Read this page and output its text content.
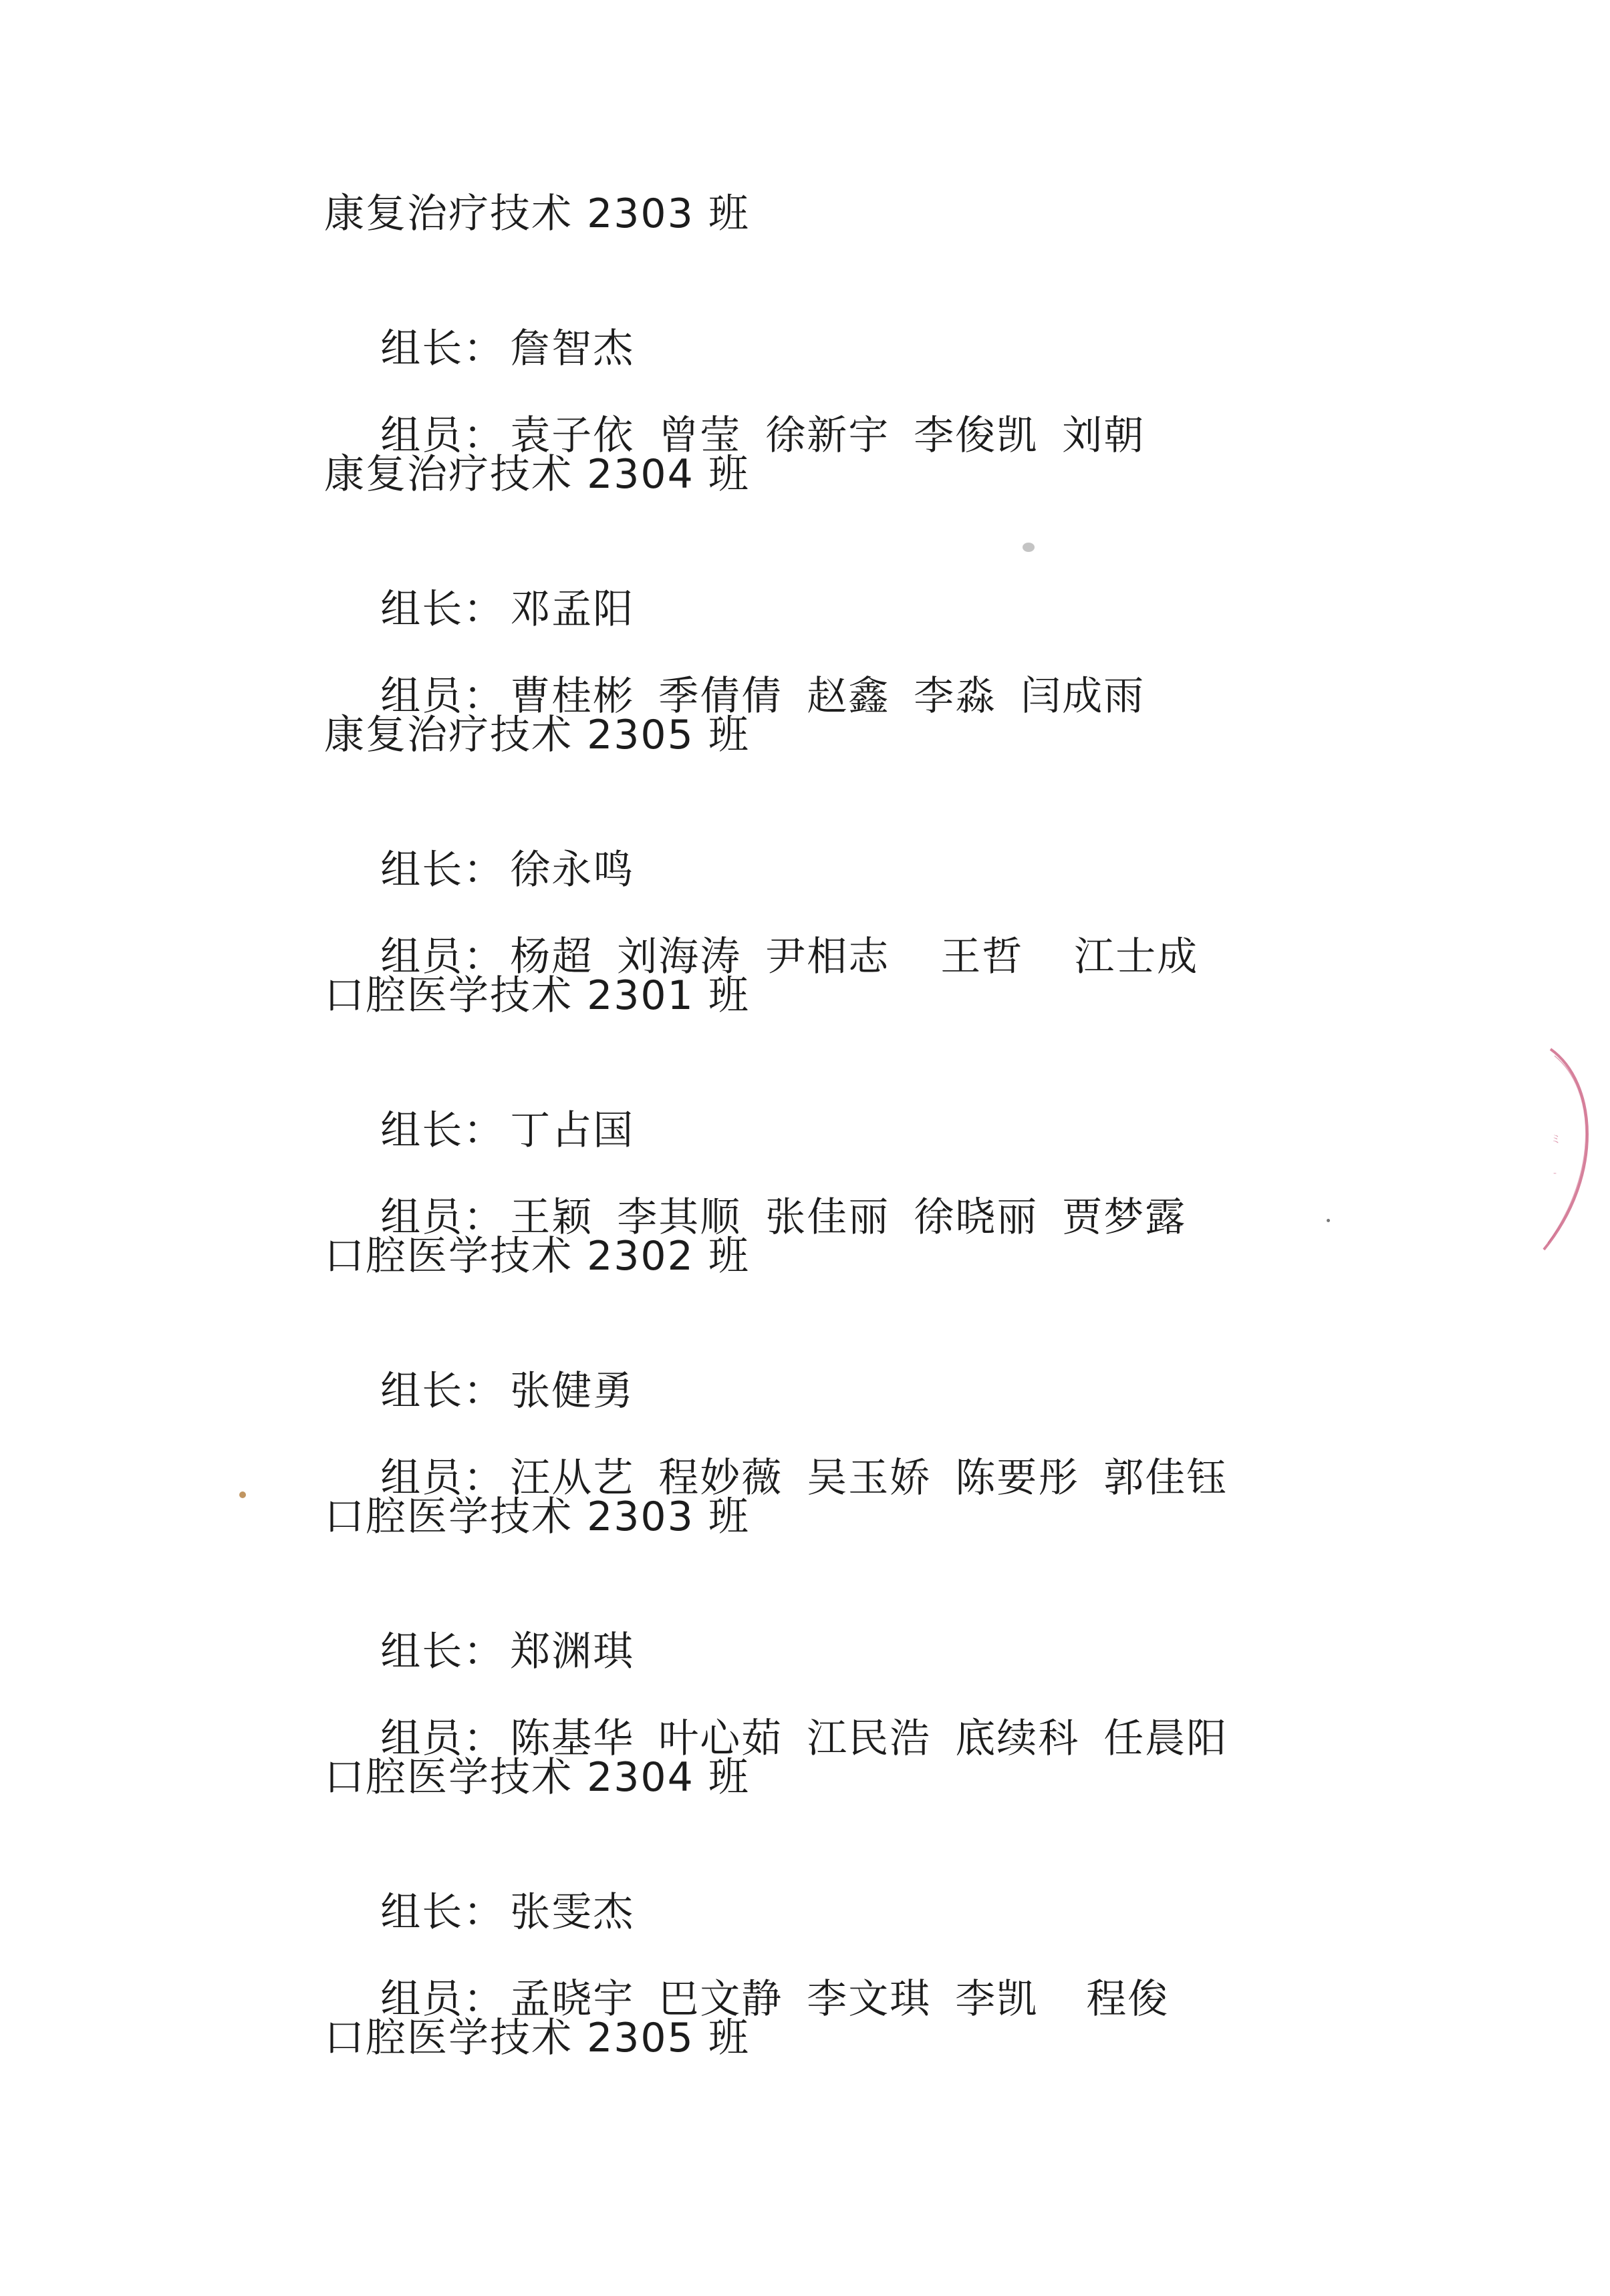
康复治疗技术 2303 班

组长： 詹智杰

组员： 袁子依 曾莹 徐新宇 李俊凯 刘朝

康复治疗技术 2304 班

组长： 邓孟阳

组员： 曹桂彬 季倩倩 赵鑫 李淼 闫成雨

康复治疗技术 2305 班

组长： 徐永鸣

组员： 杨超 刘海涛 尹相志 王哲 江士成

口腔医学技术 2301 班

组长： 丁占国

组员： 王颖 李其顺 张佳丽 徐晓丽 贾梦露

口腔医学技术 2302 班

组长： 张健勇

组员： 汪从艺 程妙薇 吴玉娇 陈要彤 郭佳钰

口腔医学技术 2303 班

组长： 郑渊琪

组员： 陈基华 叶心茹 江民浩 底续科 任晨阳

口腔医学技术 2304 班

组长： 张雯杰

组员： 孟晓宇 巴文静 李文琪 李凯 程俊

口腔医学技术 2305 班
ミ
-
